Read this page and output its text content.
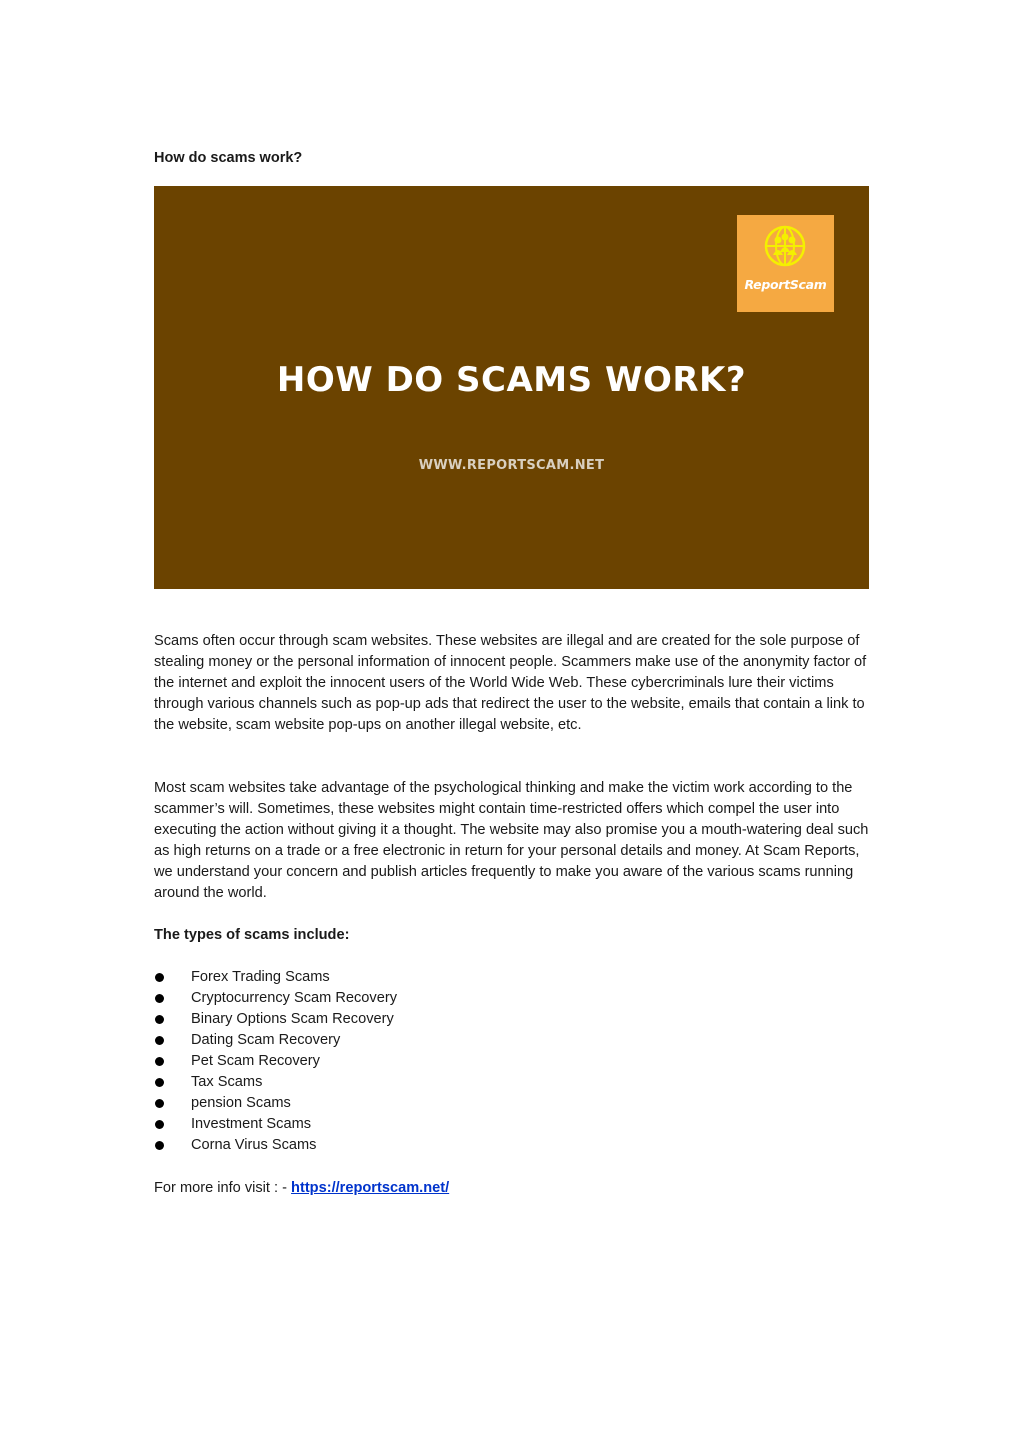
How do scams work?

ReportScam
HOW DO SCAMS WORK?
WWW.REPORTSCAM.NET

Scams often occur through scam websites. These websites are illegal and are created for the sole purpose of stealing money or the personal information of innocent people. Scammers make use of the anonymity factor of the internet and exploit the innocent users of the World Wide Web. These cybercriminals lure their victims through various channels such as pop-up ads that redirect the user to the website, emails that contain a link to the website, scam website pop-ups on another illegal website, etc.

Most scam websites take advantage of the psychological thinking and make the victim work according to the scammer’s will. Sometimes, these websites might contain time-restricted offers which compel the user into executing the action without giving it a thought. The website may also promise you a mouth-watering deal such as high returns on a trade or a free electronic in return for your personal details and money. At Scam Reports, we understand your concern and publish articles frequently to make you aware of the various scams running around the world.

The types of scams include:

Forex Trading Scams
Cryptocurrency Scam Recovery
Binary Options Scam Recovery
Dating Scam Recovery
Pet Scam Recovery
Tax Scams
pension Scams
Investment Scams
Corna Virus Scams

For more info visit : - https://reportscam.net/
